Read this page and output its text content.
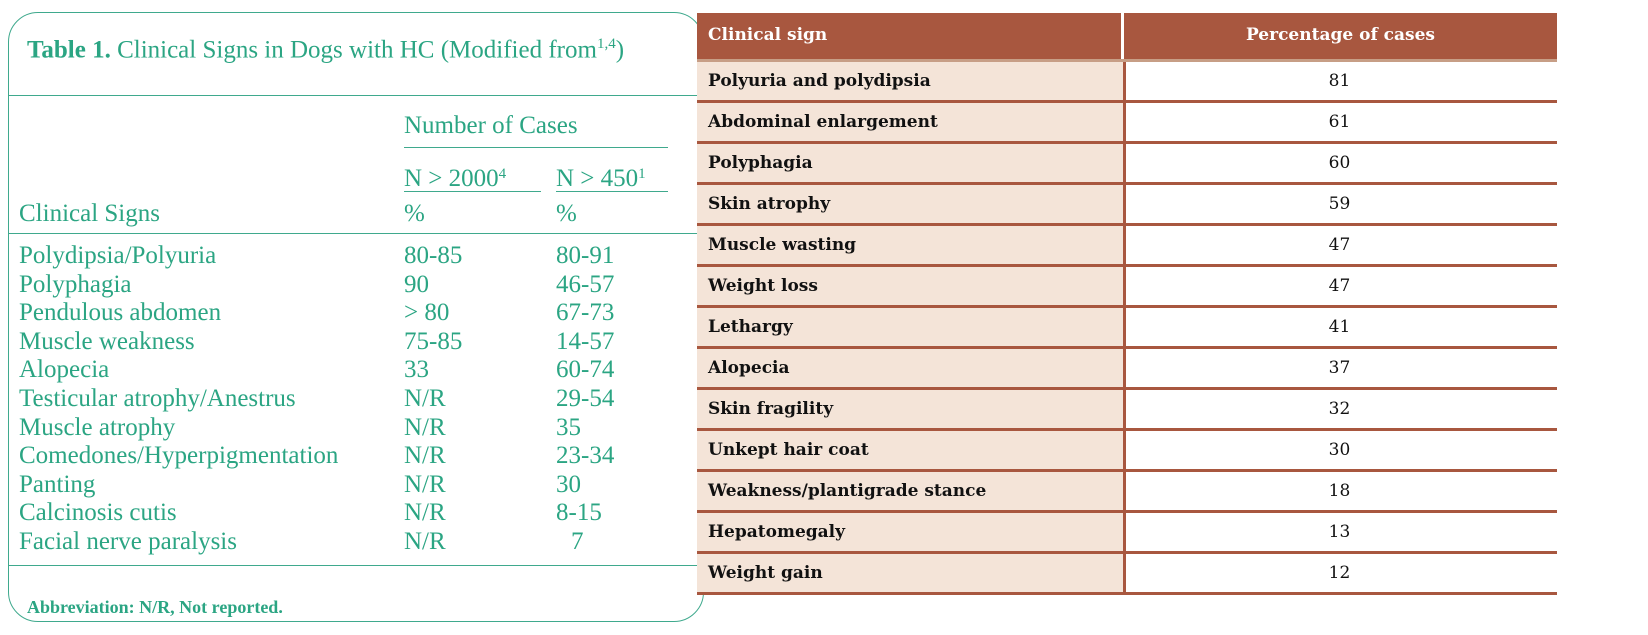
Table 1. Clinical Signs in Dogs with HC (Modified from$^{1,4}$)
Number of Cases
$N > 2000^4$ $N > 450^1$
Clinical Signs	%	%
Polydipsia/Polyuria	80-85	80-91
Polyphagia	90	46-57
Pendulous abdomen	> 80	67-73
Muscle weakness	75-85	14-57
Alopecia	33	60-74
Testicular atrophy/Anestrus	N/R	29-54
Muscle atrophy	N/R	35
Comedones/Hyperpigmentation	N/R	23-34
Panting	N/R	30
Calcinosis cutis	N/R	8-15
Facial nerve paralysis	N/R	7
Abbreviation: N/R, Not reported.
Clinical sign	Percentage of cases
Polyuria and polydipsia	81
Abdominal enlargement	61
Polyphagia	60
Skin atrophy	59
Muscle wasting	47
Weight loss	47
Lethargy	41
Alopecia	37
Skin fragility	32
Unkept hair coat	30
Weakness/plantigrade stance	18
Hepatomegaly	13
Weight gain	12
